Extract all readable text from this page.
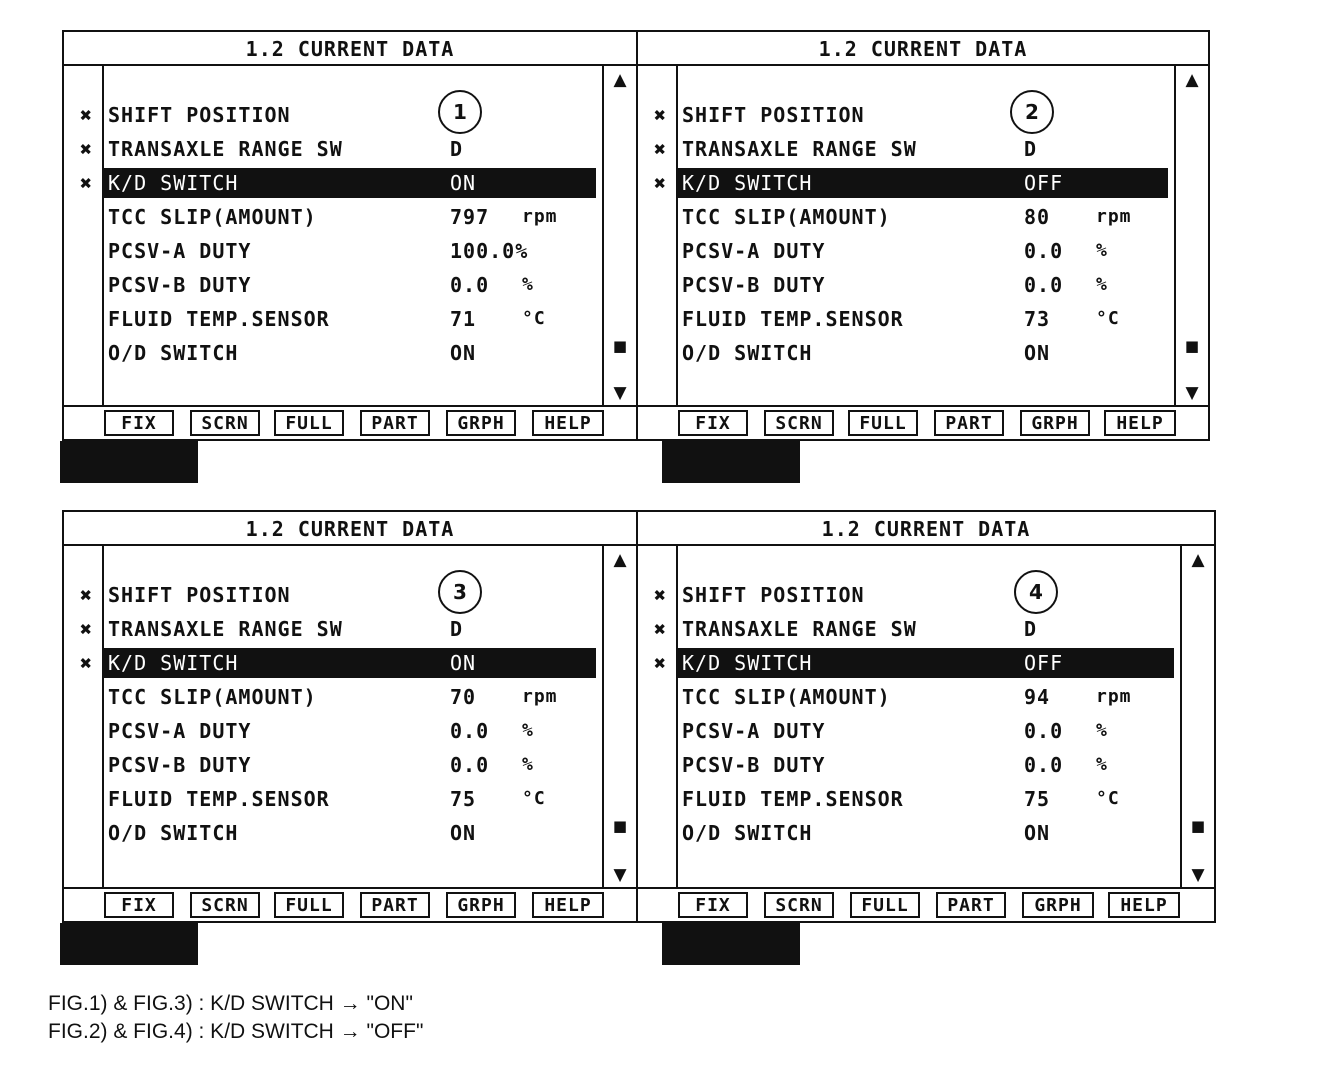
1.2 CURRENT DATA
✖
✖
✖
1
SHIFT POSITION
TRANSAXLE RANGE SW	D
K/D SWITCH	ON
TCC SLIP(AMOUNT)	797 rpm
PCSV-A DUTY	100.0%
PCSV-B DUTY	0.0 %
FLUID TEMP.SENSOR	71	°C
O/D SWITCH	ON
▲
■
▼
FIX	SCRN	FULL	PART	GRPH	HELP
1.2 CURRENT DATA
✖
✖
✖
2
SHIFT POSITION
TRANSAXLE RANGE SW	D
K/D SWITCH	OFF
TCC SLIP(AMOUNT)	80	rpm
PCSV-A DUTY	0.0 %
PCSV-B DUTY	0.0 %
FLUID TEMP.SENSOR	73	°C
O/D SWITCH	ON
▲
■
▼
FIX	SCRN	FULL	PART	GRPH	HELP
1.2 CURRENT DATA
✖
✖
✖
3
SHIFT POSITION
TRANSAXLE RANGE SW	D
K/D SWITCH	ON
TCC SLIP(AMOUNT)	70	rpm
PCSV-A DUTY	0.0 %
PCSV-B DUTY	0.0 %
FLUID TEMP.SENSOR	75	°C
O/D SWITCH	ON
▲
■
▼
FIX	SCRN	FULL	PART	GRPH	HELP
1.2 CURRENT DATA
✖
✖
✖
4
SHIFT POSITION
TRANSAXLE RANGE SW	D
K/D SWITCH	OFF
TCC SLIP(AMOUNT)	94	rpm
PCSV-A DUTY	0.0 %
PCSV-B DUTY	0.0 %
FLUID TEMP.SENSOR	75	°C
O/D SWITCH	ON
▲
■
▼
FIX	SCRN	FULL	PART	GRPH	HELP
FIG.1) & FIG.3) : K/D SWITCH → "ON"
FIG.2) & FIG.4) : K/D SWITCH → "OFF"
